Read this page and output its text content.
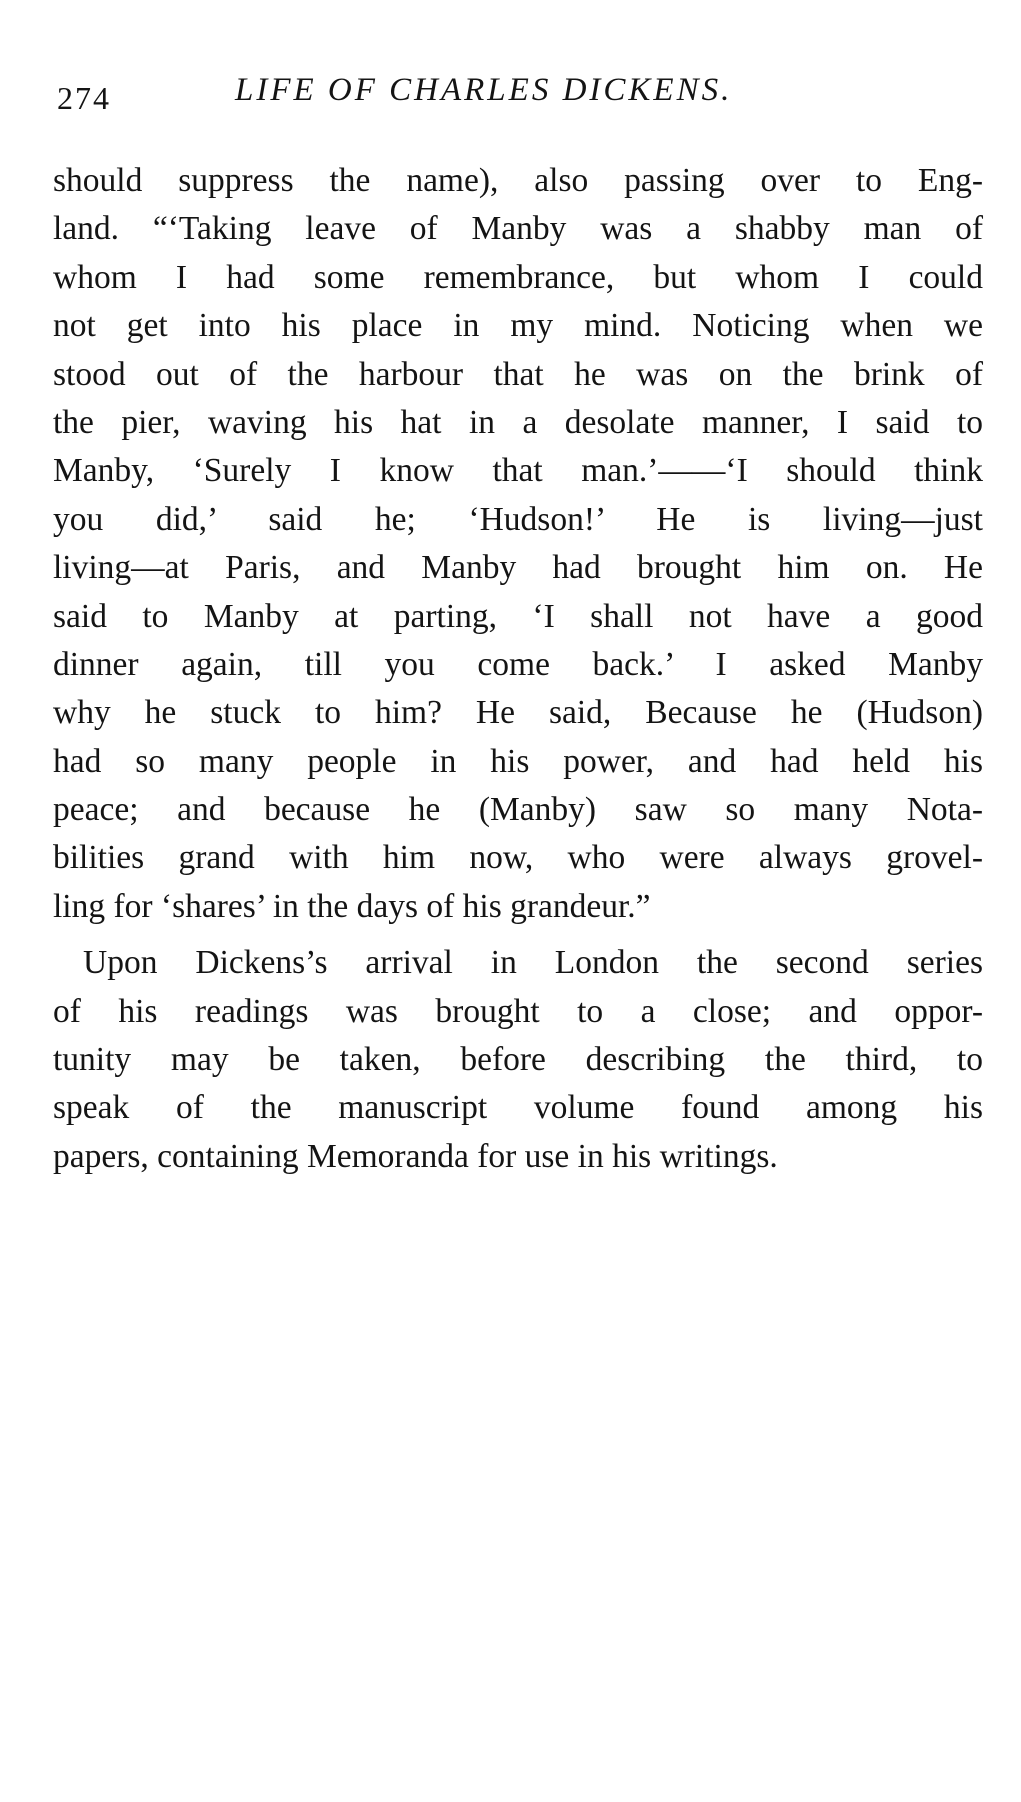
274	LIFE OF CHARLES DICKENS.
should suppress the name), also passing over to Eng-
land. “‘Taking leave of Manby was a shabby man of
whom I had some remembrance, but whom I could
not get into his place in my mind. Noticing when we
stood out of the harbour that he was on the brink of
the pier, waving his hat in a desolate manner, I said to
Manby, ‘Surely I know that man.’——‘I should think
you did,’ said he; ‘Hudson!’ He is living—just
living—at Paris, and Manby had brought him on. He
said to Manby at parting, ‘I shall not have a good
dinner again, till you come back.’ I asked Manby
why he stuck to him? He said, Because he (Hudson)
had so many people in his power, and had held his
peace; and because he (Manby) saw so many Nota-
bilities grand with him now, who were always grovel-
ling for ‘shares’ in the days of his grandeur.”
Upon Dickens’s arrival in London the second series
of his readings was brought to a close; and oppor-
tunity may be taken, before describing the third, to
speak of the manuscript volume found among his
papers, containing Memoranda for use in his writings.
